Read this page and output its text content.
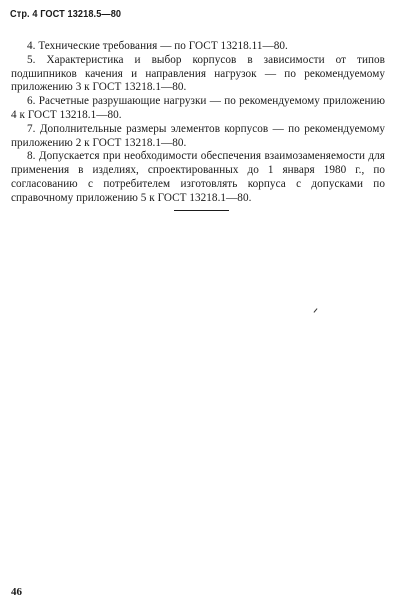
Стр. 4 ГОСТ 13218.5—80

4. Технические требования — по ГОСТ 13218.11—80.

5. Характеристика и выбор корпусов в зависимости от типов подшипников качения и направления нагрузок — по рекомендуемому приложению 3 к ГОСТ 13218.1—80.

6. Расчетные разрушающие нагрузки — по рекомендуемому приложению 4 к ГОСТ 13218.1—80.

7. Дополнительные размеры элементов корпусов — по рекомендуемому приложению 2 к ГОСТ 13218.1—80.

8. Допускается при необходимости обеспечения взаимозаменяемости для применения в изделиях, спроектированных до 1 января 1980 г., по согласованию с потребителем изготовлять корпуса с допусками по справочному приложению 5 к ГОСТ 13218.1—80.

46
